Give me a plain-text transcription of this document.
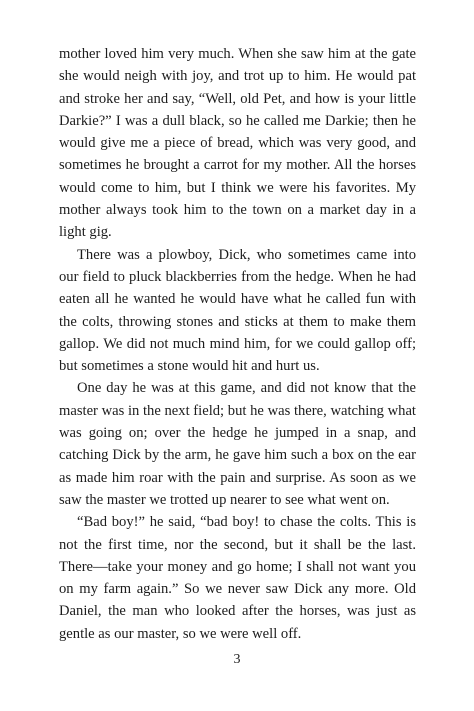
mother loved him very much. When she saw him at the gate she would neigh with joy, and trot up to him. He would pat and stroke her and say, “Well, old Pet, and how is your little Darkie?” I was a dull black, so he called me Darkie; then he would give me a piece of bread, which was very good, and sometimes he brought a carrot for my mother. All the horses would come to him, but I think we were his favorites. My mother always took him to the town on a market day in a light gig.

There was a plowboy, Dick, who sometimes came into our field to pluck blackberries from the hedge. When he had eaten all he wanted he would have what he called fun with the colts, throwing stones and sticks at them to make them gallop. We did not much mind him, for we could gallop off; but sometimes a stone would hit and hurt us.

One day he was at this game, and did not know that the master was in the next field; but he was there, watching what was going on; over the hedge he jumped in a snap, and catching Dick by the arm, he gave him such a box on the ear as made him roar with the pain and surprise. As soon as we saw the master we trotted up nearer to see what went on.

“Bad boy!” he said, “bad boy! to chase the colts. This is not the first time, nor the second, but it shall be the last. There—take your money and go home; I shall not want you on my farm again.” So we never saw Dick any more. Old Daniel, the man who looked after the horses, was just as gentle as our master, so we were well off.

3
